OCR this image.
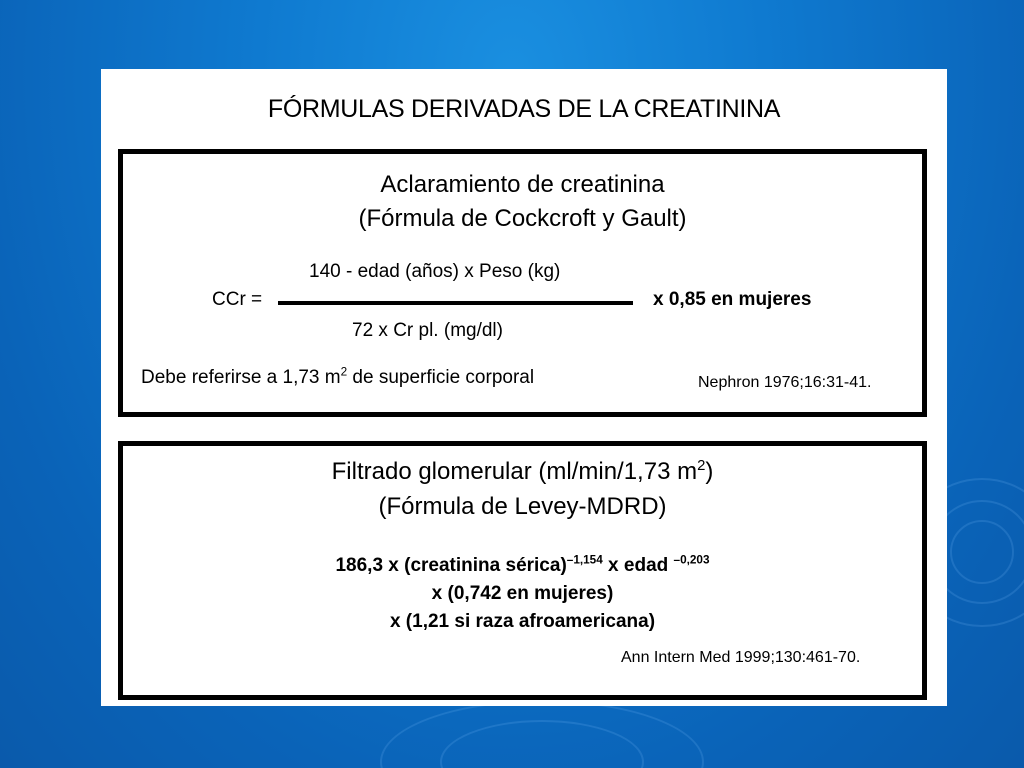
FÓRMULAS DERIVADAS DE LA CREATININA
Aclaramiento de creatinina
(Fórmula de Cockcroft y Gault)
CCr =
140 - edad (años) x Peso (kg)
72 x Cr pl. (mg/dl)
x 0,85 en mujeres
Debe referirse a 1,73 $m^2$ de superficie corporal	Nephron 1976;16:31-41.
Filtrado glomerular (ml/min/1,73 $m^2$)
(Fórmula de Levey-MDRD)
186,3 x (creatinina sérica)$^{-1,154}$ x edad $^{-0,203}$
x (0,742 en mujeres)
x (1,21 si raza afroamericana)
Ann Intern Med 1999;130:461-70.
